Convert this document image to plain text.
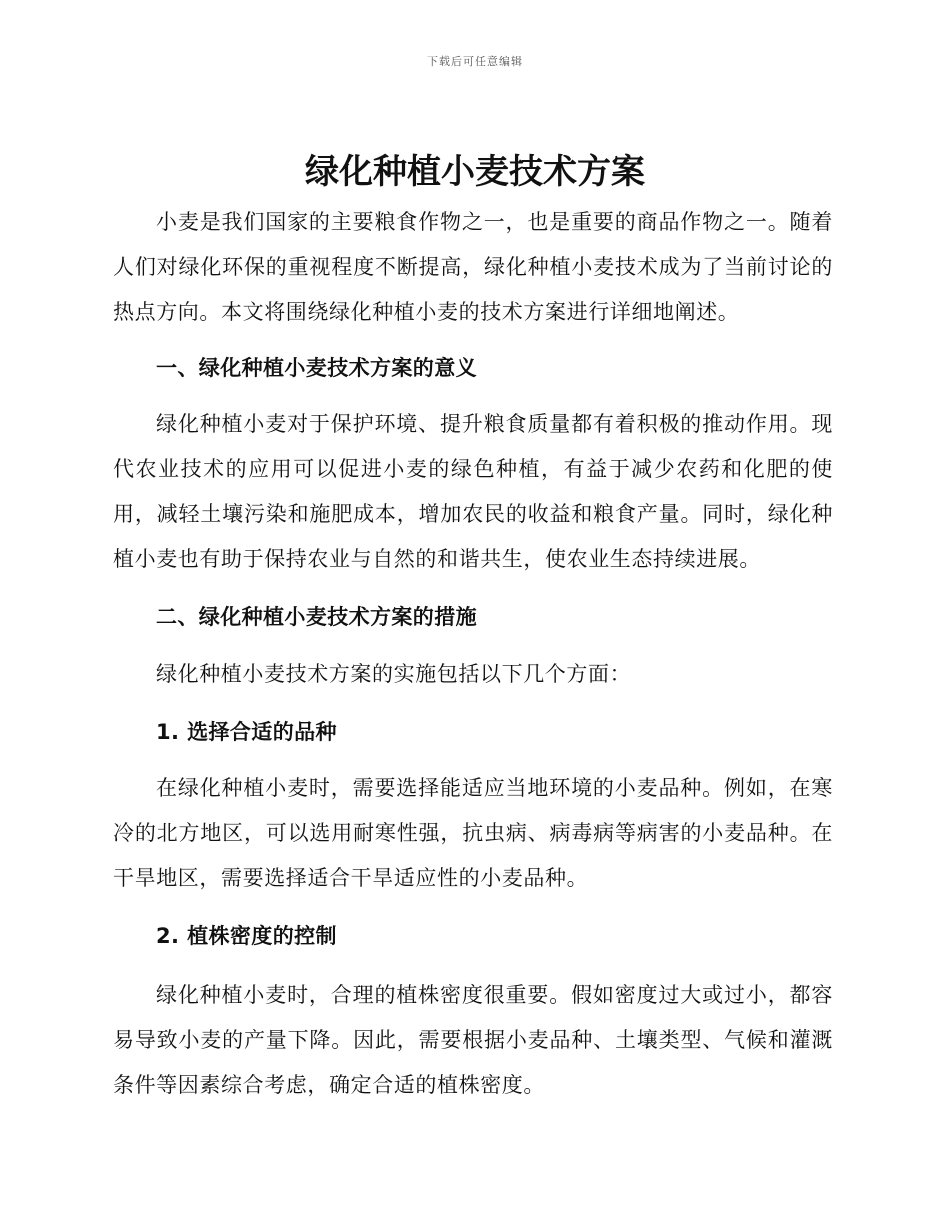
下载后可任意编辑
绿化种植小麦技术方案

小麦是我们国家的主要粮食作物之一，也是重要的商品作物之一。随着人们对绿化环保的重视程度不断提高，绿化种植小麦技术成为了当前讨论的热点方向。本文将围绕绿化种植小麦的技术方案进行详细地阐述。

一、绿化种植小麦技术方案的意义

绿化种植小麦对于保护环境、提升粮食质量都有着积极的推动作用。现代农业技术的应用可以促进小麦的绿色种植，有益于减少农药和化肥的使用，减轻土壤污染和施肥成本，增加农民的收益和粮食产量。同时，绿化种植小麦也有助于保持农业与自然的和谐共生，使农业生态持续进展。

二、绿化种植小麦技术方案的措施

绿化种植小麦技术方案的实施包括以下几个方面：

1. 选择合适的品种

在绿化种植小麦时，需要选择能适应当地环境的小麦品种。例如，在寒冷的北方地区，可以选用耐寒性强，抗虫病、病毒病等病害的小麦品种。在干旱地区，需要选择适合干旱适应性的小麦品种。

2. 植株密度的控制

绿化种植小麦时，合理的植株密度很重要。假如密度过大或过小，都容易导致小麦的产量下降。因此，需要根据小麦品种、土壤类型、气候和灌溉条件等因素综合考虑，确定合适的植株密度。
